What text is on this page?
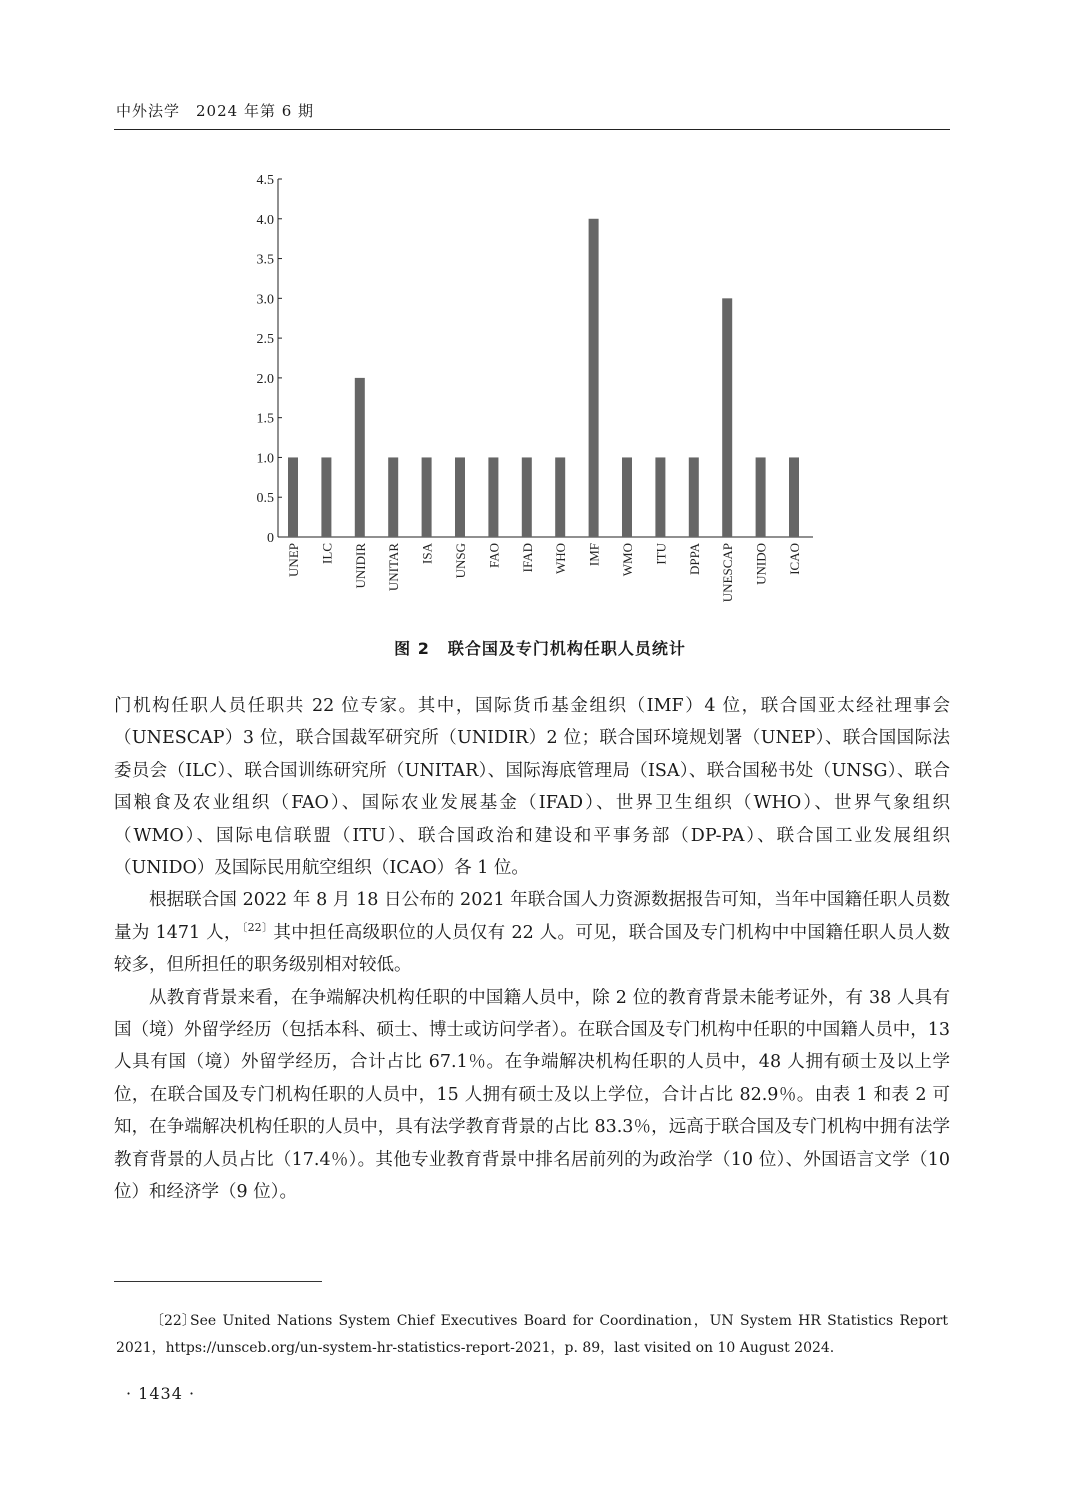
中外法学　2024 年第 6 期
0
0.5
1.0
1.5
2.0
2.5
3.0
3.5
4.0
4.5
UNEP ILC UNIDIR UNITAR ISA UNSG FAO IFAD WHO IMF WMO ITU DPPA UNESCAP UNIDO ICAO
图 2 联合国及专门机构任职人员统计

门机构任职人员任职共 22 位专家。其中，国际货币基金组织（IMF）4 位，联合国亚太经社理事会（UNESCAP）3 位，联合国裁军研究所（UNIDIR）2 位；联合国环境规划署（UNEP）、联合国国际法委员会（ILC）、联合国训练研究所（UNITAR）、国际海底管理局（ISA）、联合国秘书处（UNSG）、联合国粮食及农业组织（FAO）、国际农业发展基金（IFAD）、世界卫生组织（WHO）、世界气象组织（WMO）、国际电信联盟（ITU）、联合国政治和建设和平事务部（DP-PA）、联合国工业发展组织（UNIDO）及国际民用航空组织（ICAO）各 1 位。

根据联合国 2022 年 8 月 18 日公布的 2021 年联合国人力资源数据报告可知，当年中国籍任职人员数量为 1471 人，$^{〔22〕}$其中担任高级职位的人员仅有 22 人。可见，联合国及专门机构中中国籍任职人员人数较多，但所担任的职务级别相对较低。

从教育背景来看，在争端解决机构任职的中国籍人员中，除 2 位的教育背景未能考证外，有 38 人具有国（境）外留学经历（包括本科、硕士、博士或访问学者）。在联合国及专门机构中任职的中国籍人员中，13 人具有国（境）外留学经历，合计占比 67.1％。在争端解决机构任职的人员中，48 人拥有硕士及以上学位，在联合国及专门机构任职的人员中，15 人拥有硕士及以上学位，合计占比 82.9％。由表 1 和表 2 可知，在争端解决机构任职的人员中，具有法学教育背景的占比 83.3％，远高于联合国及专门机构中拥有法学教育背景的人员占比（17.4％）。其他专业教育背景中排名居前列的为政治学（10 位）、外国语言文学（10 位）和经济学（9 位）。

〔22〕See United Nations System Chief Executives Board for Coordination，UN System HR Statistics Report 2021，https://unsceb.org/un-system-hr-statistics-report-2021，p. 89，last visited on 10 August 2024.
· 1434 ·
